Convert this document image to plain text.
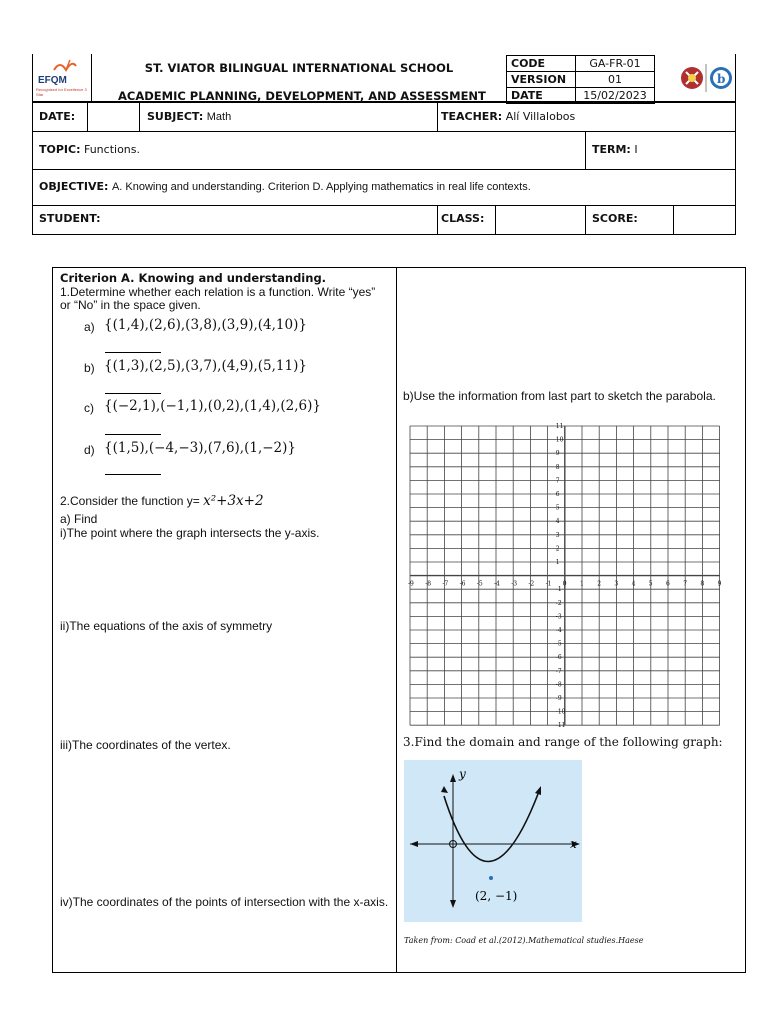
EFQM
Recognised for Excellence 3 Star
ST. VIATOR BILINGUAL INTERNATIONAL SCHOOL
ACADEMIC PLANNING, DEVELOPMENT, AND ASSESSMENT
CODE	GA-FR-01
VERSION	01
DATE	15/02/2023
b
DATE:	SUBJECT: Math	TEACHER: Alí Villalobos
TOPIC: Functions.	TERM: I
OBJECTIVE: A. Knowing and understanding. Criterion D. Applying mathematics in real life contexts.
STUDENT:	CLASS:	SCORE:
Criterion A. Knowing and understanding.
1.Determine whether each relation is a function. Write “yes” or “No” in the space given.
a) {(1,4),(2,6),(3,8),(3,9),(4,10)}
b) {(1,3),(2,5),(3,7),(4,9),(5,11)}
c) {(−2,1),(−1,1),(0,2),(1,4),(2,6)}
d) {(1,5),(−4,−3),(7,6),(1,−2)}
2.Consider the function y= x²+3x+2
a) Find
i)The point where the graph intersects the y-axis.
ii)The equations of the axis of symmetry
iii)The coordinates of the vertex.
iv)The coordinates of the points of intersection with the x-axis.
b)Use the information from last part to sketch the parabola.
-9 -8 -7 -6 -5 -4 -3 -2 -1 0 1 2 3 4 5 6 7 8 9
11
10
9
8
7
6
5
4
3
2
1
-1
-2
-3
-4
-5
-6
-7
-8
-9
-10
-11
3.Find the domain and range of the following graph:
y
x
(2, −1)
Taken from: Coad et al.(2012).Mathematical studies.Haese
